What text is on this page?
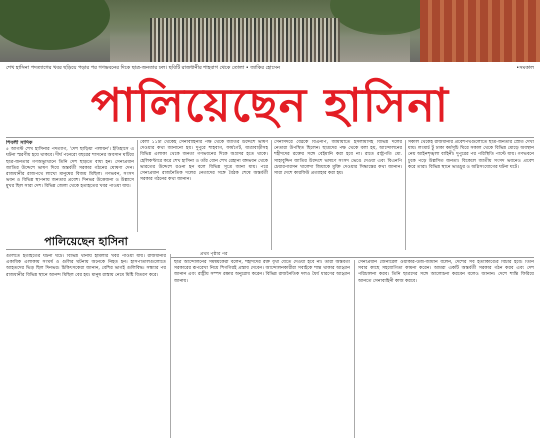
শেখ হাসিনা পদত্যাগের খবর ছড়িয়ে পড়ার পর গণভবনের দিকে ছাত্র-জনতার ঢল। ছবিটি রাজধানীর শাহবাগ থেকে তোলা • জাকির হোসেন	•সমকাল
পালিয়েছেন হাসিনা
শিবলী সাদিক

৫ আগস্ট শেখ হাসিনার পদত্যাগ, 'দেশ ছাড়িয়া পলায়ন'। ইতিহাসে এ ঘটনা স্মরণীয় হয়ে থাকবে। দীর্ঘ পনেরো বছরের শাসনের অবসান ঘটিয়ে ছাত্র-জনতার গণঅভ্যুত্থানে তিনি দেশ ছাড়তে বাধ্য হন। সেনাপ্রধান জাতির উদ্দেশে ভাষণ দিয়ে অন্তর্বর্তী সরকার গঠনের ঘোষণা দেন। রাজধানীর রাজপথে লাখো মানুষের বিজয় মিছিল। গণভবন, সংসদ ভবন ও বিভিন্ন স্থাপনায় জনতার প্রবেশ। দিনভর উত্তেজনা ও উল্লাসে মুখর ছিল সারা দেশ। বিভিন্ন জেলা থেকে হতাহতের খবর পাওয়া যায়।

বেলা ১১টা থেকেই সেনাবাহিনীর পক্ষ থেকে জাতির উদ্দেশে ভাষণ দেওয়ার কথা জানানো হয়। দুপুরে শাহবাগ, ফার্মগেট, যাত্রাবাড়ীসহ বিভিন্ন এলাকা থেকে জনতা গণভবনের দিকে অগ্রসর হতে থাকে। হেলিকপ্টারে করে শেখ হাসিনা ও তাঁর বোন শেখ রেহানা বঙ্গভবন থেকে ভারতের উদ্দেশে রওনা হন বলে বিভিন্ন সূত্রে জানা যায়। পরে সেনাপ্রধান রাজনৈতিক দলের নেতাদের সঙ্গে বৈঠক শেষে অন্তর্বর্তী সরকার গঠনের কথা জানান।

সেনাসদরে বৈঠকে বিএনপি, জামায়াতে ইসলামীসহ বিভিন্ন দলের নেতারা উপস্থিত ছিলেন। ছাত্রদের পক্ষ থেকে বলা হয়, আন্দোলনের শহীদদের রক্তের সঙ্গে বেইমানি করা হবে না। রাতে রাষ্ট্রপতি মো. সাহাবুদ্দিন জাতির উদ্দেশে ভাষণে সংসদ ভেঙে দেওয়া এবং বিএনপি চেয়ারপারসন খালেদা জিয়াকে মুক্তি দেওয়ার সিদ্ধান্তের কথা জানান। সারা দেশে কারফিউ প্রত্যাহার করা হয়।

সকাল থেকেই রাজধানীর প্রবেশপথগুলোতে ছাত্র-জনতার স্রোত দেখা যায়। লংমার্চ টু ঢাকা কর্মসূচি ঘিরে সকাল থেকে বিভিন্ন মোড়ে অবস্থান নেয় আইনশৃঙ্খলা বাহিনী। দুপুরের পর পরিস্থিতি পাল্টে যায়। গণভবনে ঢুকে পড়ে উল্লসিত জনতা। বিকেলে জাতীয় সংসদ ভবনেও প্রবেশ করে তারা। বিভিন্ন স্থানে ভাঙচুর ও অগ্নিসংযোগের ঘটনা ঘটে।

পালিয়েছেন হাসিনা
প্রথম পৃষ্ঠার পর

গুলিতে হতাহতের ঘটনা ঘটে। বিভিন্ন থানায় হামলার খবর পাওয়া যায়। রাজধানীর একাধিক এলাকায় সংঘর্ষ ও গুলির ঘটনায় অনেকে নিহত হন। হাসপাতালগুলোতে আহতদের ভিড় ছিল দিনভর। চিকিৎসকেরা জানান, বেশির ভাগই গুলিবিদ্ধ। সন্ধ্যার পর রাজধানীর বিভিন্ন স্থানে আনন্দ মিছিল বের হয়। মানুষ রাস্তায় নেমে মিষ্টি বিতরণ করে।

ছাত্র আন্দোলনের সমন্বয়কেরা বলেন, শহীদদের রক্ত বৃথা যেতে দেওয়া হবে না। তারা অন্তর্বর্তী সরকারের রূপরেখা নিয়ে শিগগিরই প্রস্তাব দেবেন। আন্দোলনকারীরা সবাইকে শান্ত থাকার আহ্বান জানান এবং রাষ্ট্রীয় সম্পদ রক্ষার অনুরোধ করেন। বিভিন্ন রাজনৈতিক দলও ধৈর্য ধারণের আহ্বান জানায়।

সেনাপ্রধান জেনারেল ওয়াকার-উজ-জামান বলেন, দেশের সব হত্যাকাণ্ডের বিচার হবে। তিনি সবার কাছে সহযোগিতা কামনা করেন। আমরা একটি অন্তর্বর্তী সরকার গঠন করব এবং দেশ পরিচালনা করব। তিনি ছাত্রদের সঙ্গে আলোচনা করবেন বলেও জানান। দেশে শান্তি ফিরিয়ে আনতে সেনাবাহিনী কাজ করবে।
